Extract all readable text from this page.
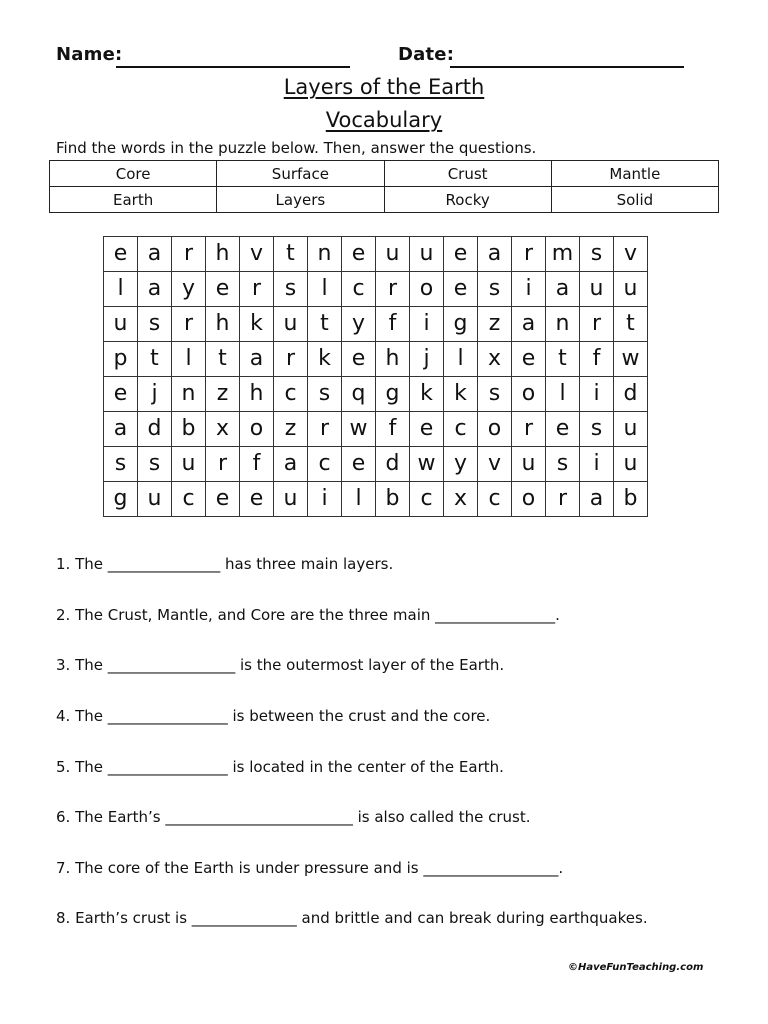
Name:	Date:
Layers of the Earth
Vocabulary
Find the words in the puzzle below. Then, answer the questions.
Core	Surface	Crust	Mantle
Earth	Layers	Rocky	Solid
e	a	r	h	v	t	n	e	u	u	e	a	r	m	s	v
l	a	y	e	r	s	l	c	r	o	e	s	i	a	u	u
u	s	r	h	k	u	t	y	f	i	g	z	a	n	r	t
p	t	l	t	a	r	k	e	h	j	l	x	e	t	f	w
e	j	n	z	h	c	s	q	g	k	k	s	o	l	i	d
a	d	b	x	o	z	r	w	f	e	c	o	r	e	s	u
s	s	u	r	f	a	c	e	d	w	y	v	u	s	i	u
g	u	c	e	e	u	i	l	b	c	x	c	o	r	a	b
1. The _______________ has three main layers.
2. The Crust, Mantle, and Core are the three main ________________.
3. The _________________ is the outermost layer of the Earth.
4. The ________________ is between the crust and the core.
5. The ________________ is located in the center of the Earth.
6. The Earth’s _________________________ is also called the crust.
7. The core of the Earth is under pressure and is __________________.
8. Earth’s crust is ______________ and brittle and can break during earthquakes.
©HaveFunTeaching.com
